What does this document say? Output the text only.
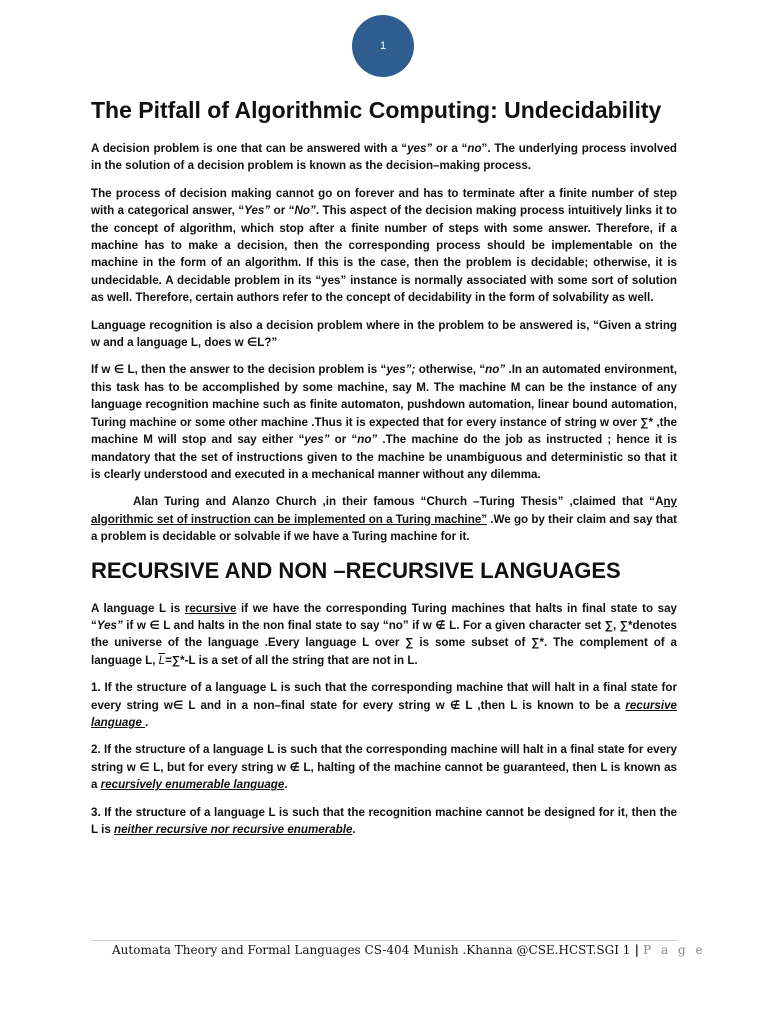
1
The Pitfall of Algorithmic Computing: Undecidability

A decision problem is one that can be answered with a “yes” or a “no”. The underlying process involved in the solution of a decision problem is known as the decision–making process.

The process of decision making cannot go on forever and has to terminate after a finite number of step with a categorical answer, “Yes” or “No”. This aspect of the decision making process intuitively links it to the concept of algorithm, which stop after a finite number of steps with some answer. Therefore, if a machine has to make a decision, then the corresponding process should be implementable on the machine in the form of an algorithm. If this is the case, then the problem is decidable; otherwise, it is undecidable. A decidable problem in its “yes” instance is normally associated with some sort of solution as well. Therefore, certain authors refer to the concept of decidability in the form of solvability as well.

Language recognition is also a decision problem where in the problem to be answered is, “Given a string w and a language L, does w ∈L?”

If w ∈ L, then the answer to the decision problem is “yes”; otherwise, “no” .In an automated environment, this task has to be accomplished by some machine, say M. The machine M can be the instance of any language recognition machine such as finite automaton, pushdown automation, linear bound automation, Turing machine or some other machine .Thus it is expected that for every instance of string w over ∑* ,the machine M will stop and say either “yes” or “no” .The machine do the job as instructed ; hence it is mandatory that the set of instructions given to the machine be unambiguous and deterministic so that it is clearly understood and executed in a mechanical manner without any dilemma.

Alan Turing and Alanzo Church ,in their famous “Church –Turing Thesis” ,claimed that “Any algorithmic set of instruction can be implemented on a Turing machine” .We go by their claim and say that a problem is decidable or solvable if we have a Turing machine for it.

RECURSIVE AND NON –RECURSIVE LANGUAGES

A language L is recursive if we have the corresponding Turing machines that halts in final state to say “Yes” if w ∈ L and halts in the non final state to say “no” if w ∉ L. For a given character set ∑, ∑*denotes the universe of the language .Every language L over ∑ is some subset of ∑*. The complement of a language L, $\overline{L}=\sum*-L$ is a set of all the string that are not in L.

1. If the structure of a language L is such that the corresponding machine that will halt in a final state for every string w∈ L and in a non–final state for every string w ∉ L ,then L is known to be a recursive language .

2. If the structure of a language L is such that the corresponding machine will halt in a final state for every string w ∈ L, but for every string w ∉ L, halting of the machine cannot be guaranteed, then L is known as a recursively enumerable language.

3. If the structure of a language L is such that the recognition machine cannot be designed for it, then the L is neither recursive nor recursive enumerable.

Automata Theory and Formal Languages CS-404 Munish .Khanna @CSE.HCST.SGI 1 | P a g e
